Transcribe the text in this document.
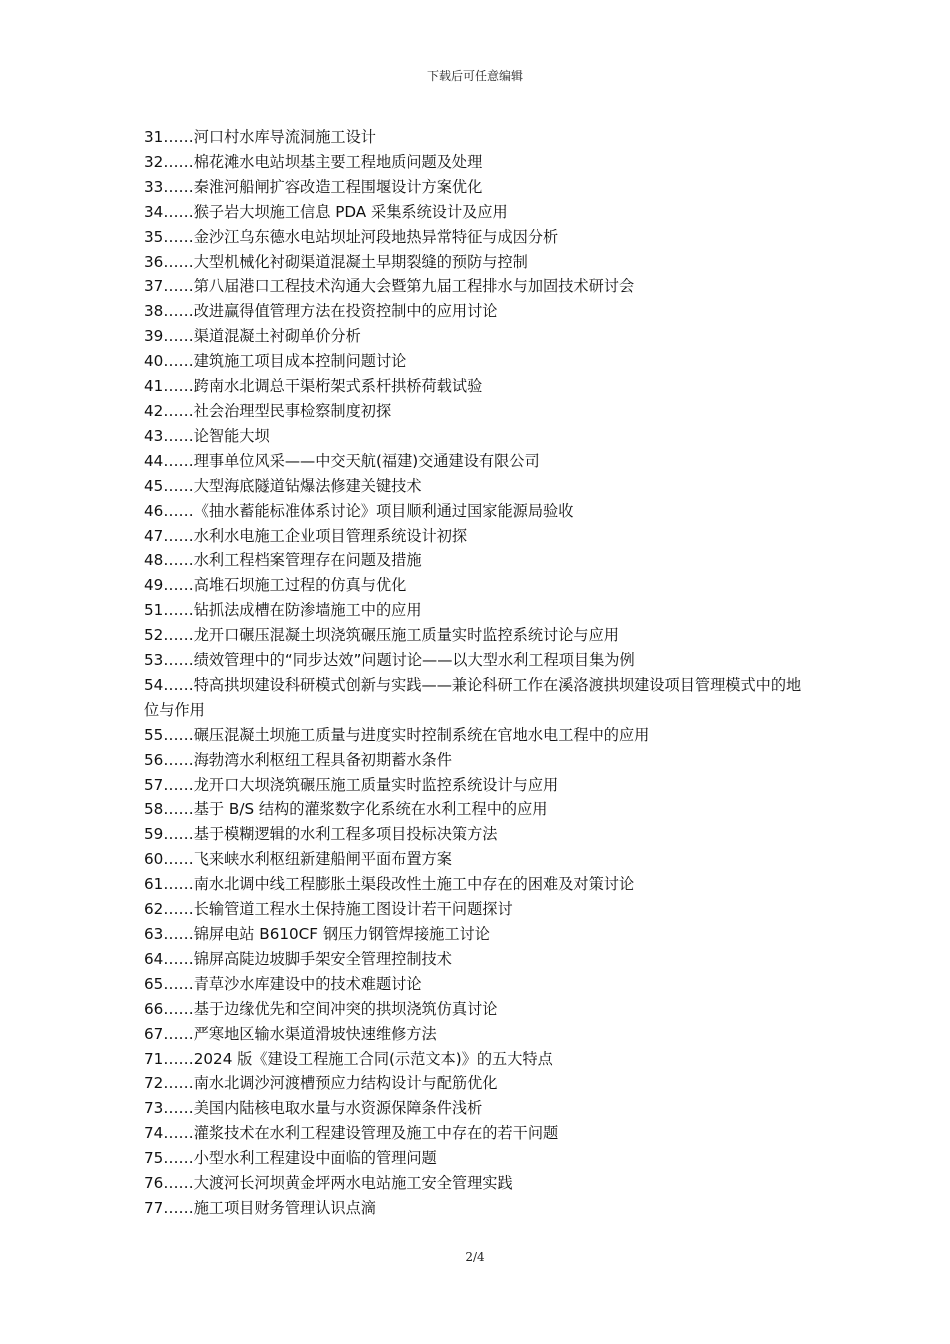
下载后可任意编辑
31……河口村水库导流洞施工设计
32……棉花滩水电站坝基主要工程地质问题及处理
33……秦淮河船闸扩容改造工程围堰设计方案优化
34……猴子岩大坝施工信息 PDA 采集系统设计及应用
35……金沙江乌东德水电站坝址河段地热异常特征与成因分析
36……大型机械化衬砌渠道混凝土早期裂缝的预防与控制
37……第八届港口工程技术沟通大会暨第九届工程排水与加固技术研讨会
38……改进赢得值管理方法在投资控制中的应用讨论
39……渠道混凝土衬砌单价分析
40……建筑施工项目成本控制问题讨论
41……跨南水北调总干渠桁架式系杆拱桥荷载试验
42……社会治理型民事检察制度初探
43……论智能大坝
44……理事单位风采——中交天航(福建)交通建设有限公司
45……大型海底隧道钻爆法修建关键技术
46……《抽水蓄能标准体系讨论》项目顺利通过国家能源局验收
47……水利水电施工企业项目管理系统设计初探
48……水利工程档案管理存在问题及措施
49……高堆石坝施工过程的仿真与优化
51……钻抓法成槽在防渗墙施工中的应用
52……龙开口碾压混凝土坝浇筑碾压施工质量实时监控系统讨论与应用
53……绩效管理中的“同步达效”问题讨论——以大型水利工程项目集为例
54……特高拱坝建设科研模式创新与实践——兼论科研工作在溪洛渡拱坝建设项目管理模式中的地位与作用
55……碾压混凝土坝施工质量与进度实时控制系统在官地水电工程中的应用
56……海勃湾水利枢纽工程具备初期蓄水条件
57……龙开口大坝浇筑碾压施工质量实时监控系统设计与应用
58……基于 B/S 结构的灌浆数字化系统在水利工程中的应用
59……基于模糊逻辑的水利工程多项目投标决策方法
60……飞来峡水利枢纽新建船闸平面布置方案
61……南水北调中线工程膨胀土渠段改性土施工中存在的困难及对策讨论
62……长输管道工程水土保持施工图设计若干问题探讨
63……锦屏电站 B610CF 钢压力钢管焊接施工讨论
64……锦屏高陡边坡脚手架安全管理控制技术
65……青草沙水库建设中的技术难题讨论
66……基于边缘优先和空间冲突的拱坝浇筑仿真讨论
67……严寒地区输水渠道滑坡快速维修方法
71……2024 版《建设工程施工合同(示范文本)》的五大特点
72……南水北调沙河渡槽预应力结构设计与配筋优化
73……美国内陆核电取水量与水资源保障条件浅析
74……灌浆技术在水利工程建设管理及施工中存在的若干问题
75……小型水利工程建设中面临的管理问题
76……大渡河长河坝黄金坪两水电站施工安全管理实践
77……施工项目财务管理认识点滴
2/4
